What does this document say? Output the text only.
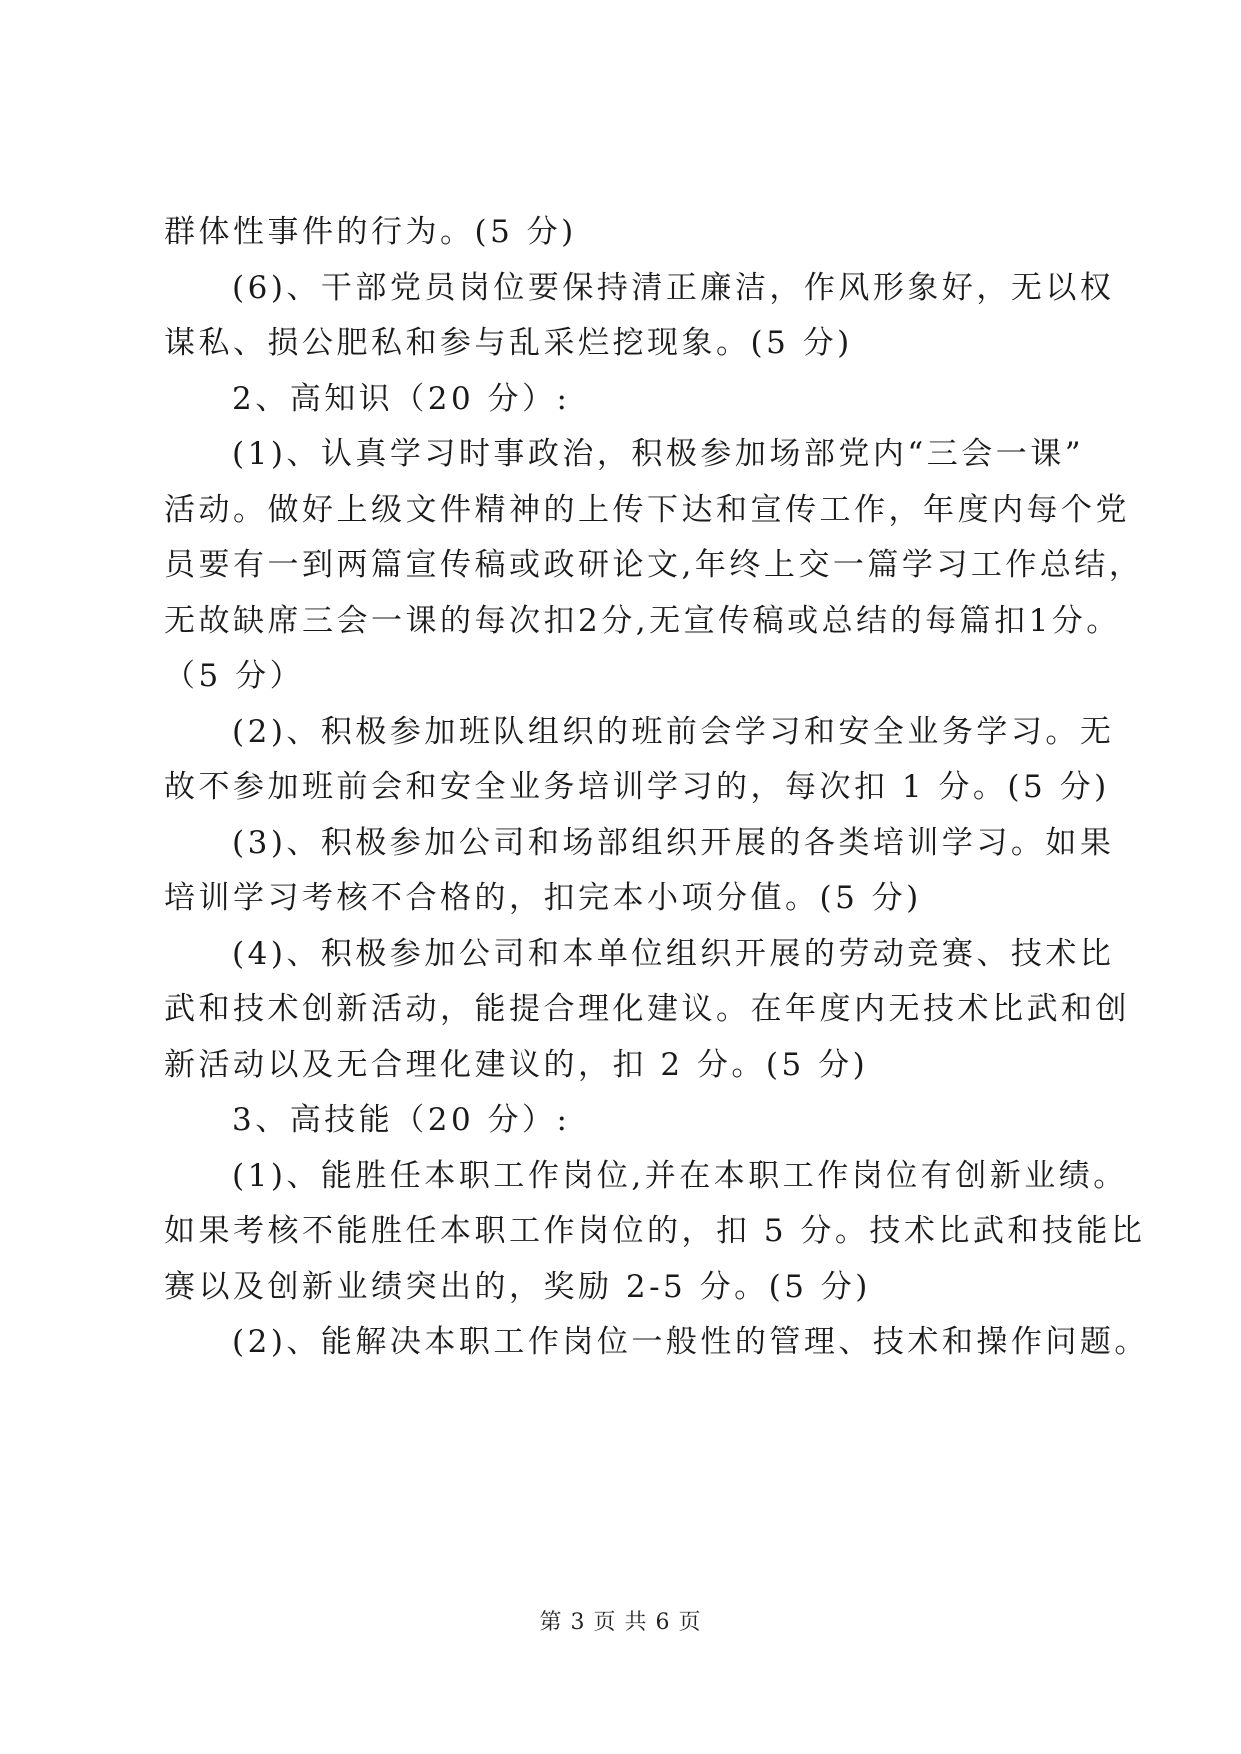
群体性事件的行为。(5 分)
(6)、干部党员岗位要保持清正廉洁，作风形象好，无以权
谋私、损公肥私和参与乱采烂挖现象。(5 分)
2、高知识（20 分）:
(1)、认真学习时事政治，积极参加场部党内“三会一课”
活动。做好上级文件精神的上传下达和宣传工作，年度内每个党
员要有一到两篇宣传稿或政研论文,年终上交一篇学习工作总结，
无故缺席三会一课的每次扣2分,无宣传稿或总结的每篇扣1分。
（5 分）
(2)、积极参加班队组织的班前会学习和安全业务学习。无
故不参加班前会和安全业务培训学习的，每次扣 1 分。(5 分)
(3)、积极参加公司和场部组织开展的各类培训学习。如果
培训学习考核不合格的，扣完本小项分值。(5 分)
(4)、积极参加公司和本单位组织开展的劳动竞赛、技术比
武和技术创新活动，能提合理化建议。在年度内无技术比武和创
新活动以及无合理化建议的，扣 2 分。(5 分)
3、高技能（20 分）:
(1)、能胜任本职工作岗位,并在本职工作岗位有创新业绩。
如果考核不能胜任本职工作岗位的，扣 5 分。技术比武和技能比
赛以及创新业绩突出的，奖励 2-5 分。(5 分)
(2)、能解决本职工作岗位一般性的管理、技术和操作问题。
第 3 页 共 6 页
